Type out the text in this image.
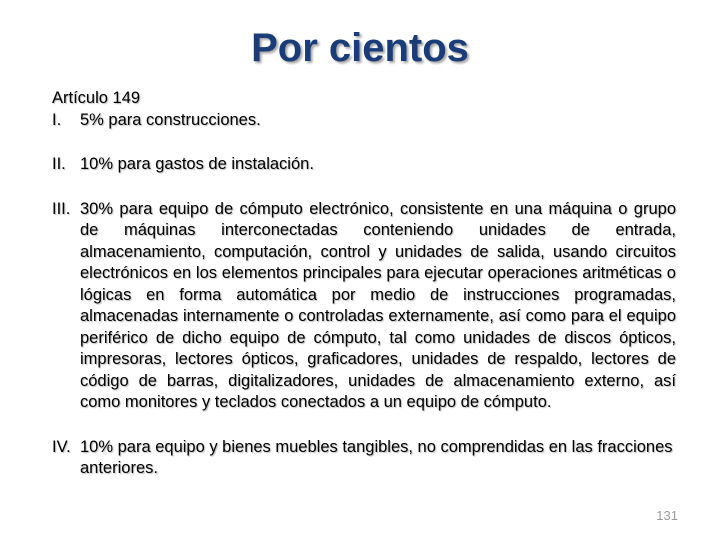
Por cientos

Artículo 149

I.	5% para construcciones.
II. 10% para gastos de instalación.
III. 30% para equipo de cómputo electrónico, consistente en una máquina o grupo de máquinas interconectadas conteniendo unidades de entrada, almacenamiento, computación, control y unidades de salida, usando circuitos electrónicos en los elementos principales para ejecutar operaciones aritméticas o lógicas en forma automática por medio de instrucciones programadas, almacenadas internamente o controladas externamente, así como para el equipo periférico de dicho equipo de cómputo, tal como unidades de discos ópticos, impresoras, lectores ópticos, graficadores, unidades de respaldo, lectores de código de barras, digitalizadores, unidades de almacenamiento externo, así como monitores y teclados conectados a un equipo de cómputo.
IV. 10% para equipo y bienes muebles tangibles, no comprendidas en las fracciones anteriores.
131
